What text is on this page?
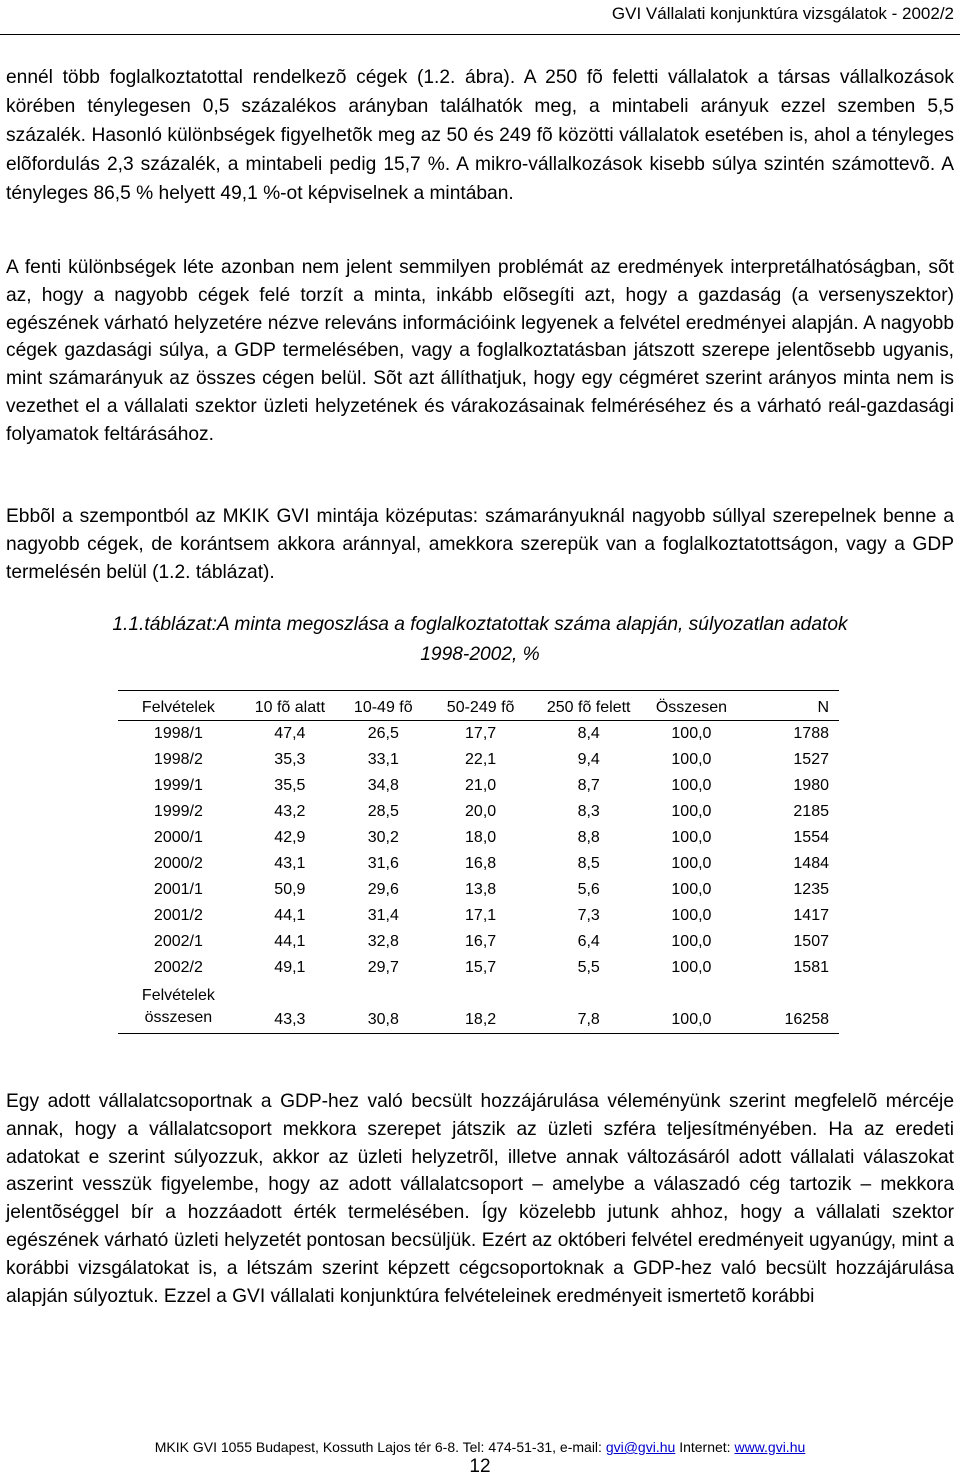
GVI Vállalati konjunktúra vizsgálatok - 2002/2

ennél több foglalkoztatottal rendelkezõ cégek (1.2. ábra). A 250 fõ feletti vállalatok a társas vállalkozások körében ténylegesen 0,5 százalékos arányban találhatók meg, a mintabeli arányuk ezzel szemben 5,5 százalék. Hasonló különbségek figyelhetõk meg az 50 és 249 fõ közötti vállalatok esetében is, ahol a tényleges elõfordulás 2,3 százalék, a mintabeli pedig 15,7 %. A mikro-vállalkozások kisebb súlya szintén számottevõ. A tényleges 86,5 % helyett 49,1 %-ot képviselnek a mintában.

A fenti különbségek léte azonban nem jelent semmilyen problémát az eredmények interpretálhatóságban, sõt az, hogy a nagyobb cégek felé torzít a minta, inkább elõsegíti azt, hogy a gazdaság (a versenyszektor) egészének várható helyzetére nézve releváns információink legyenek a felvétel eredményei alapján. A nagyobb cégek gazdasági súlya, a GDP termelésében, vagy a foglalkoztatásban játszott szerepe jelentõsebb ugyanis, mint számarányuk az összes cégen belül. Sõt azt állíthatjuk, hogy egy cégméret szerint arányos minta nem is vezethet el a vállalati szektor üzleti helyzetének és várakozásainak felméréséhez és a várható reál-gazdasági folyamatok feltárásához.

Ebbõl a szempontból az MKIK GVI mintája középutas: számarányuknál nagyobb súllyal szerepelnek benne a nagyobb cégek, de korántsem akkora aránnyal, amekkora szerepük van a foglalkoztatottságon, vagy a GDP termelésén belül (1.2. táblázat).

1.1.táblázat:A minta megoszlása a foglalkoztatottak száma alapján, súlyozatlan adatok
1998-2002, %
Felvételek	10 fõ alatt	10-49 fõ	50-249 fõ	250 fõ felett	Összesen	N
1998/1	47,4	26,5	17,7	8,4	100,0	1788
1998/2	35,3	33,1	22,1	9,4	100,0	1527
1999/1	35,5	34,8	21,0	8,7	100,0	1980
1999/2	43,2	28,5	20,0	8,3	100,0	2185
2000/1	42,9	30,2	18,0	8,8	100,0	1554
2000/2	43,1	31,6	16,8	8,5	100,0	1484
2001/1	50,9	29,6	13,8	5,6	100,0	1235
2001/2	44,1	31,4	17,1	7,3	100,0	1417
2002/1	44,1	32,8	16,7	6,4	100,0	1507
2002/2	49,1	29,7	15,7	5,5	100,0	1581

Felvételek
összesen	43,3	30,8	18,2	7,8	100,0	16258

Egy adott vállalatcsoportnak a GDP-hez való becsült hozzájárulása véleményünk szerint megfelelõ mércéje annak, hogy a vállalatcsoport mekkora szerepet játszik az üzleti szféra teljesítményében. Ha az eredeti adatokat e szerint súlyozzuk, akkor az üzleti helyzetrõl, illetve annak változásáról adott vállalati válaszokat aszerint vesszük figyelembe, hogy az adott vállalatcsoport – amelybe a válaszadó cég tartozik – mekkora jelentõséggel bír a hozzáadott érték termelésében. Így közelebb jutunk ahhoz, hogy a vállalati szektor egészének várható üzleti helyzetét pontosan becsüljük. Ezért az októberi felvétel eredményeit ugyanúgy, mint a korábbi vizsgálatokat is, a létszám szerint képzett cégcsoportoknak a GDP-hez való becsült hozzájárulása alapján súlyoztuk. Ezzel a GVI vállalati konjunktúra felvételeinek eredményeit ismertetõ korábbi

MKIK GVI 1055 Budapest, Kossuth Lajos tér 6-8. Tel: 474-51-31, e-mail: gvi@gvi.hu Internet: www.gvi.hu
12
